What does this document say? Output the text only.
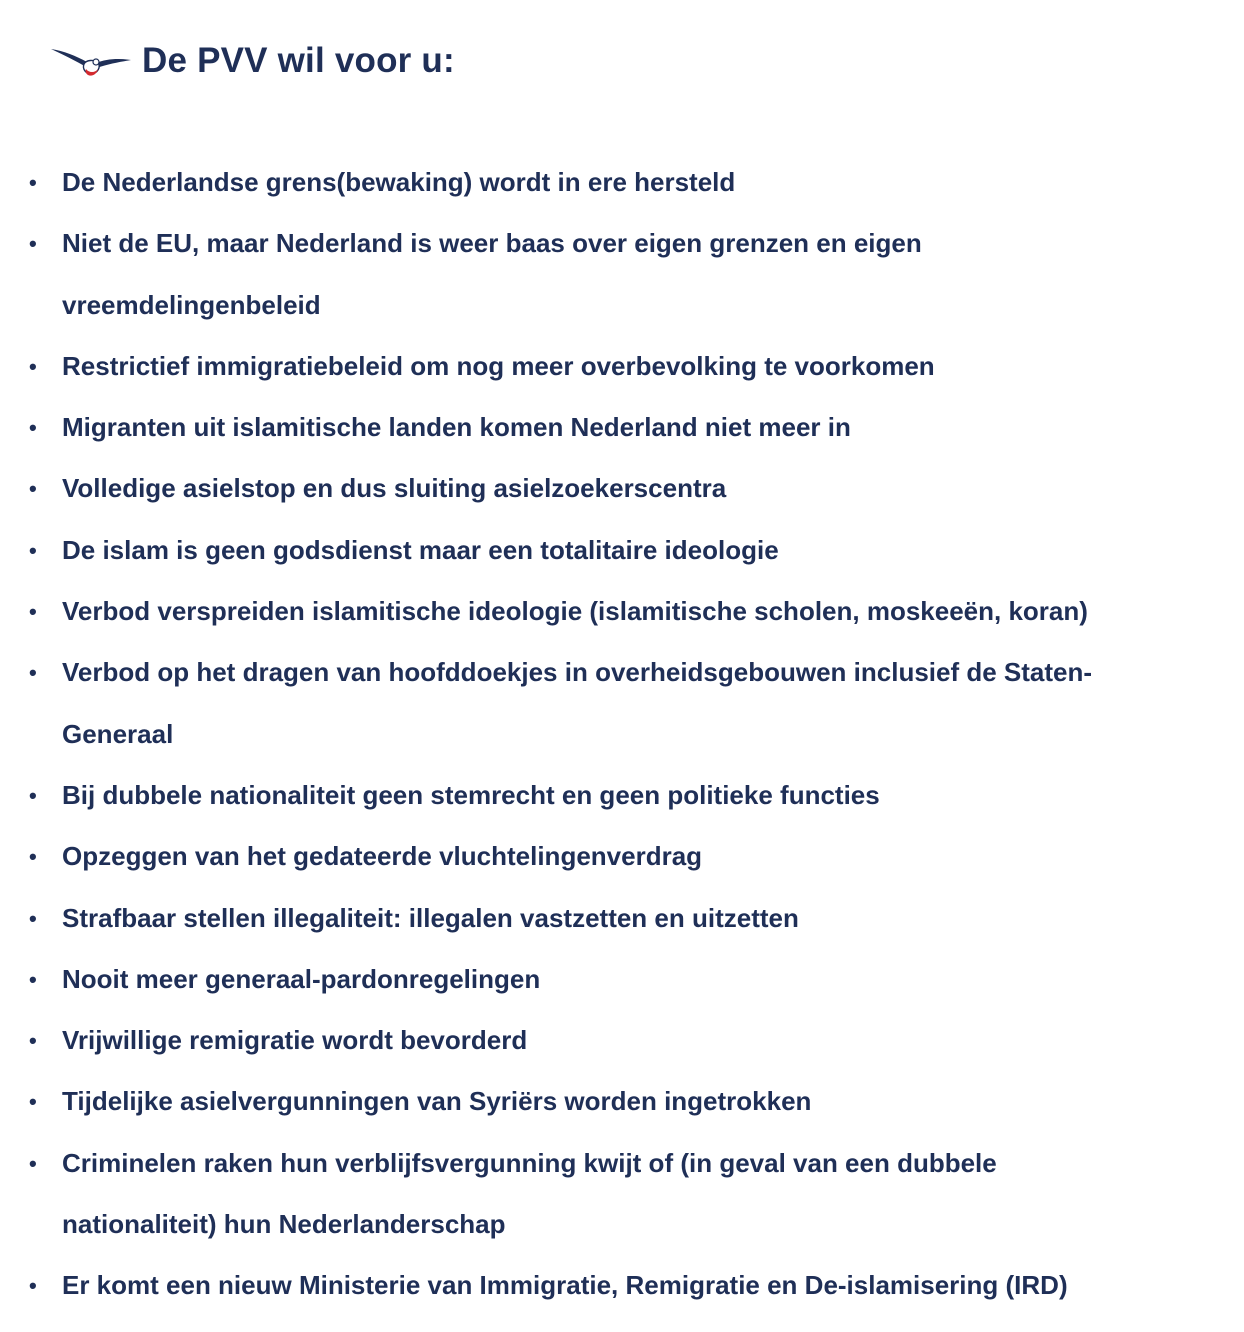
De PVV wil voor u:
• De Nederlandse grens(bewaking) wordt in ere hersteld
• Niet de EU, maar Nederland is weer baas over eigen grenzen en eigen
vreemdelingenbeleid
• Restrictief immigratiebeleid om nog meer overbevolking te voorkomen
• Migranten uit islamitische landen komen Nederland niet meer in
• Volledige asielstop en dus sluiting asielzoekerscentra
• De islam is geen godsdienst maar een totalitaire ideologie
• Verbod verspreiden islamitische ideologie (islamitische scholen, moskeeën, koran)
• Verbod op het dragen van hoofddoekjes in overheidsgebouwen inclusief de Staten-
Generaal
• Bij dubbele nationaliteit geen stemrecht en geen politieke functies
• Opzeggen van het gedateerde vluchtelingenverdrag
• Strafbaar stellen illegaliteit: illegalen vastzetten en uitzetten
• Nooit meer generaal-pardonregelingen
• Vrijwillige remigratie wordt bevorderd
• Tijdelijke asielvergunningen van Syriërs worden ingetrokken
• Criminelen raken hun verblijfsvergunning kwijt of (in geval van een dubbele
nationaliteit) hun Nederlanderschap
• Er komt een nieuw Ministerie van Immigratie, Remigratie en De-islamisering (IRD)
